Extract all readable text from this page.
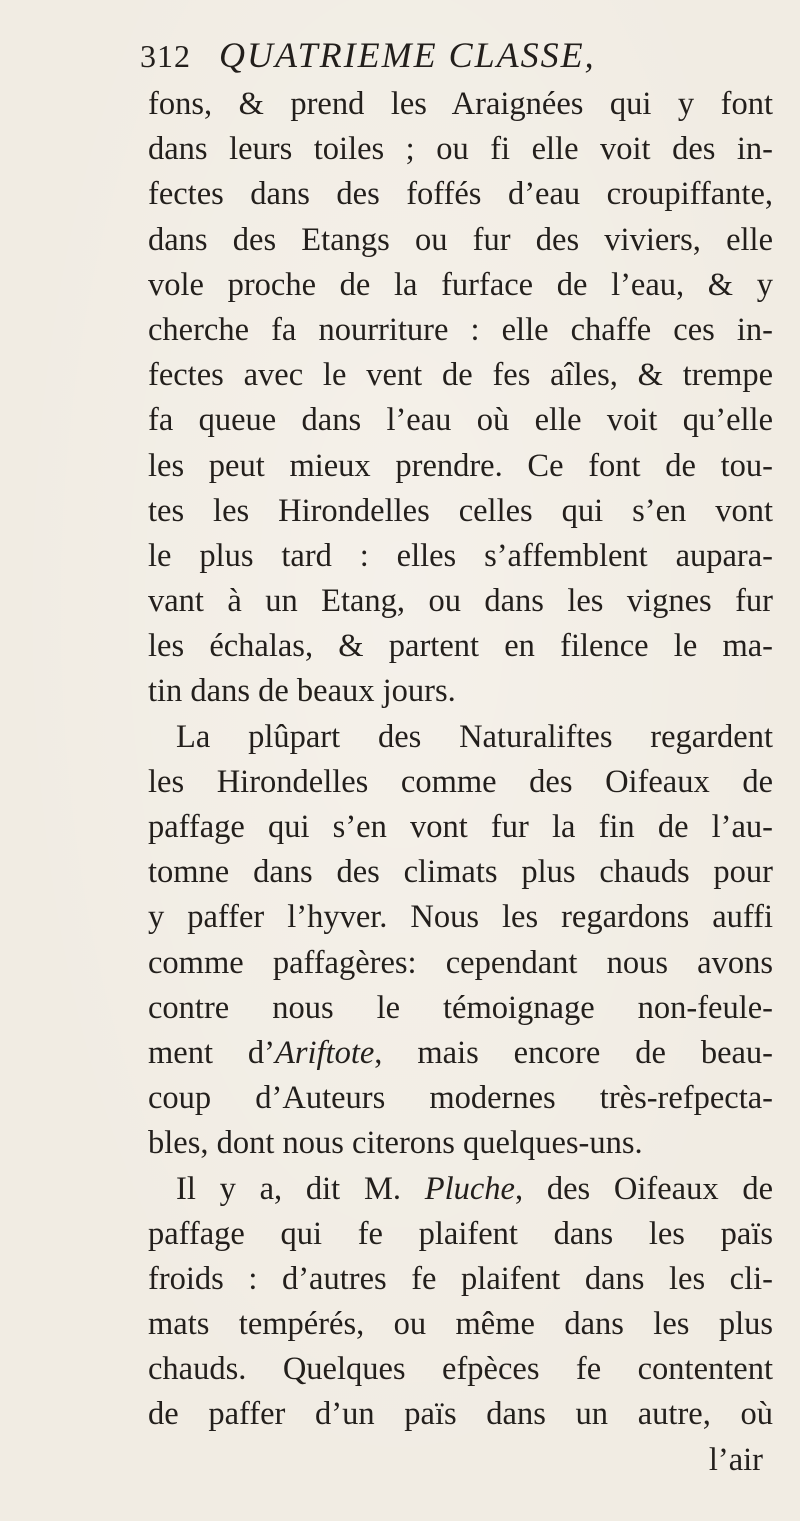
312 QUATRIEME CLASSE,
fons, & prend les Araignées qui y font
dans leurs toiles ; ou fi elle voit des in-
fectes dans des foffés d’eau croupiffante,
dans des Etangs ou fur des viviers, elle
vole proche de la furface de l’eau, & y
cherche fa nourriture : elle chaffe ces in-
fectes avec le vent de fes aîles, & trempe
fa queue dans l’eau où elle voit qu’elle
les peut mieux prendre. Ce font de tou-
tes les Hirondelles celles qui s’en vont
le plus tard : elles s’affemblent aupara-
vant à un Etang, ou dans les vignes fur
les échalas, & partent en filence le ma-
tin dans de beaux jours.
La plûpart des Naturaliftes regardent
les Hirondelles comme des Oifeaux de
paffage qui s’en vont fur la fin de l’au-
tomne dans des climats plus chauds pour
y paffer l’hyver. Nous les regardons auffi
comme paffagères: cependant nous avons
contre nous le témoignage non-feule-
ment d’Ariftote, mais encore de beau-
coup d’Auteurs modernes très-refpecta-
bles, dont nous citerons quelques-uns.
Il y a, dit M. Pluche, des Oifeaux de
paffage qui fe plaifent dans les païs
froids : d’autres fe plaifent dans les cli-
mats tempérés, ou même dans les plus
chauds. Quelques efpèces fe contentent
de paffer d’un païs dans un autre, où
l’air
